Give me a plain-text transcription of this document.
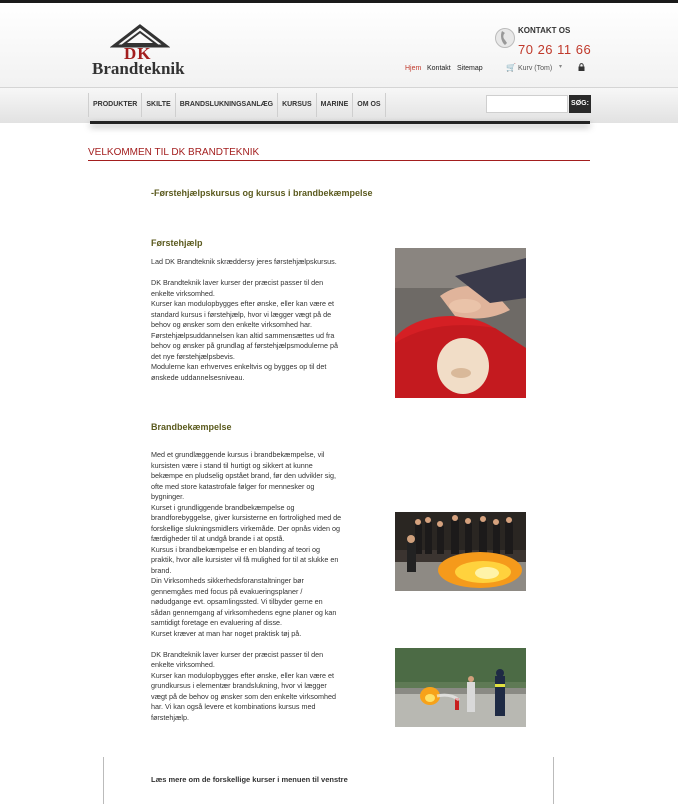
DK
Brandteknik
KONTAKT OS
70 26 11 66
Hjem Kontakt Sitemap	🛒 Kurv (Tom) ▾
PRODUKTER	SKILTE	BRANDSLUKNINGSANLÆG	KURSUS	MARINE	OM OS	SØG:
VELKOMMEN TIL DK BRANDTEKNIK
-Førstehjælpskursus og kursus i brandbekæmpelse
Førstehjælp
Lad DK Brandteknik skræddersy jeres førstehjælpskursus.

DK Brandteknik laver kurser der præcist passer til den
enkelte virksomhed.
Kurser kan modulopbygges efter ønske, eller kan være et
standard kursus i førstehjælp, hvor vi lægger vægt på de
behov og ønsker som den enkelte virksomhed har.
Førstehjælpsuddannelsen kan altid sammensættes ud fra
behov og ønsker på grundlag af førstehjælpsmodulerne på
det nye førstehjælpsbevis.
Modulerne kan erhverves enkeltvis og bygges op til det
ønskede uddannelsesniveau.
Brandbekæmpelse
Med et grundlæggende kursus i brandbekæmpelse, vil
kursisten være i stand til hurtigt og sikkert at kunne
bekæmpe en pludselig opstået brand, før den udvikler sig,
ofte med store katastrofale følger for mennesker og
bygninger.
Kurset i grundliggende brandbekæmpelse og
brandforebyggelse, giver kursisterne en fortrolighed med de
forskellige slukningsmidlers virkemåde. Der opnås viden og
færdigheder til at undgå brande i at opstå.
Kursus i brandbekæmpelse er en blanding af teori og
praktik, hvor alle kursister vil få mulighed for til at slukke en
brand.
Din Virksomheds sikkerhedsforanstaltninger bør
gennemgåes med focus på evakueringsplaner /
nødudgange evt. opsamlingssted. Vi tilbyder gerne en
sådan gennemgang af virksomhedens egne planer og kan
samtidigt foretage en evaluering af disse.
Kurset kræver at man har noget praktisk tøj på.

DK Brandteknik laver kurser der præcist passer til den
enkelte virksomhed.
Kurser kan modulopbygges efter ønske, eller kan være et
grundkursus i elementær brandslukning, hvor vi lægger
vægt på de behov og ønsker som den enkelte virksomhed
har. Vi kan også levere et kombinations kursus med
førstehjælp.
Læs mere om de forskellige kurser i menuen til venstre
